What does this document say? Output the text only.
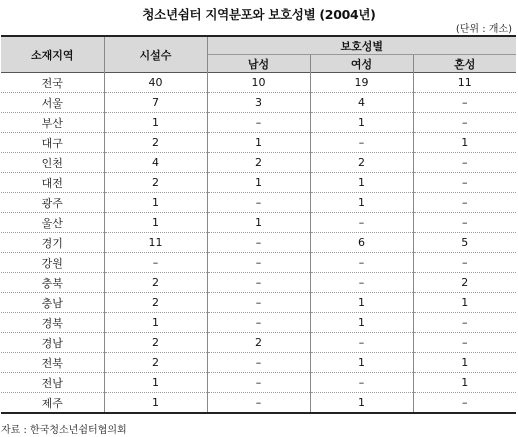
청소년쉼터 지역분포와 보호성별 (2004년)
(단위 : 개소)
소재지역	시설수	보호성별		
		남성	여성	혼성
전국	40	10	19	11
서울	7	3	4	–
부산	1	–	1	–
대구	2	1	–	1
인천	4	2	2	–
대전	2	1	1	–
광주	1	–	1	–
울산	1	1	–	–
경기	11	–	6	5
강원	–	–	–	–
충북	2	–	–	2
충남	2	–	1	1
경북	1	–	1	–
경남	2	2	–	–
전북	2	–	1	1
전남	1	–	–	1
제주	1	–	1	–
자료 : 한국청소년쉼터협의회
